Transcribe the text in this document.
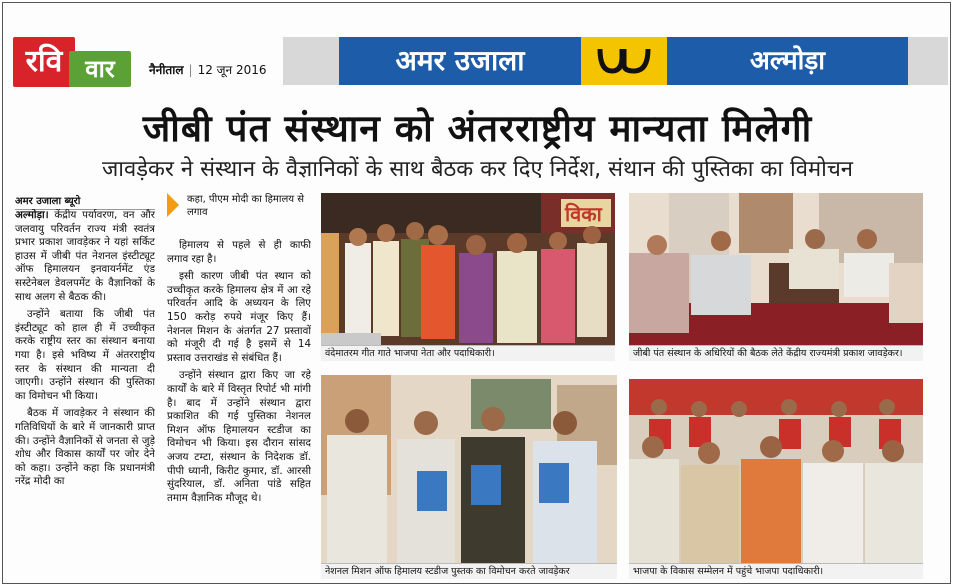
रवि वार	नैनीताल | 12 जून 2016	अमर उजाला	अल्मोड़ा
जीबी पंत संस्थान को अंतरराष्ट्रीय मान्यता मिलेगी
जावड़ेकर ने संस्थान के वैज्ञानिकों के साथ बैठक कर दिए निर्देश, संथान की पुस्तिका का विमोचन
अमर उजाला ब्यूरो

अल्मोड़ा। केंद्रीय पर्यावरण, वन और जलवायु परिवर्तन राज्य मंत्री स्वतंत्र प्रभार प्रकाश जावड़ेकर ने यहां सर्किट हाउस में जीबी पंत नेशनल इंस्टीट्यूट ऑफ हिमालयन इनवायर्नमेंट एंड सस्टेनेबल डेवलपमेंट के वैज्ञानिकों के साथ अलग से बैठक की।

उन्होंने बताया कि जीबी पंत इंस्टीट्यूट को हाल ही में उच्चीकृत करके राष्ट्रीय स्तर का संस्थान बनाया गया है। इसे भविष्य में अंतरराष्ट्रीय स्तर के संस्थान की मान्यता दी जाएगी। उन्होंने संस्थान की पुस्तिका का विमोचन भी किया।

बैठक में जावड़ेकर ने संस्थान की गतिविधियों के बारे में जानकारी प्राप्त की। उन्होंने वैज्ञानिकों से जनता से जुड़े शोध और विकास कार्यों पर जोर देने को कहा। उन्होंने कहा कि प्रधानमंत्री नरेंद्र मोदी का

कहा, पीएम मोदी का हिमालय से लगाव

हिमालय से पहले से ही काफी लगाव रहा है।

इसी कारण जीबी पंत स्थान को उच्चीकृत करके हिमालय क्षेत्र में आ रहे परिवर्तन आदि के अध्ययन के लिए 150 करोड़ रुपये मंजूर किए हैं। नेशनल मिशन के अंतर्गत 27 प्रस्तावों को मंजूरी दी गई है इसमें से 14 प्रस्ताव उत्तराखंड से संबंधित हैं।

उन्होंने संस्थान द्वारा किए जा रहे कार्यों के बारे में विस्तृत रिपोर्ट भी मांगी है। बाद में उन्होंने संस्थान द्वारा प्रकाशित की गई पुस्तिका नेशनल मिशन ऑफ हिमालयन स्टडीज का विमोचन भी किया। इस दौरान सांसद अजय टम्टा, संस्थान के निदेशक डॉ. पीपी ध्यानी, किरीट कुमार, डॉ. आरसी सुंदरियाल, डॉ. अनिता पांडे सहित तमाम वैज्ञानिक मौजूद थे।

विका
वंदेमातरम गीत गाते भाजपा नेता और पदाधिकारी।	जीबी पंत संस्थान के अधिरियों की बैठक लेते केंद्रीय राज्यमंत्री प्रकाश जावड़ेकर।
नेशनल मिशन ऑफ हिमालय स्टडीज पुस्तक का विमोचन करते जावड़ेकर	भाजपा के विकास सम्मेलन में पहुंचे भाजपा पदाधिकारी।
